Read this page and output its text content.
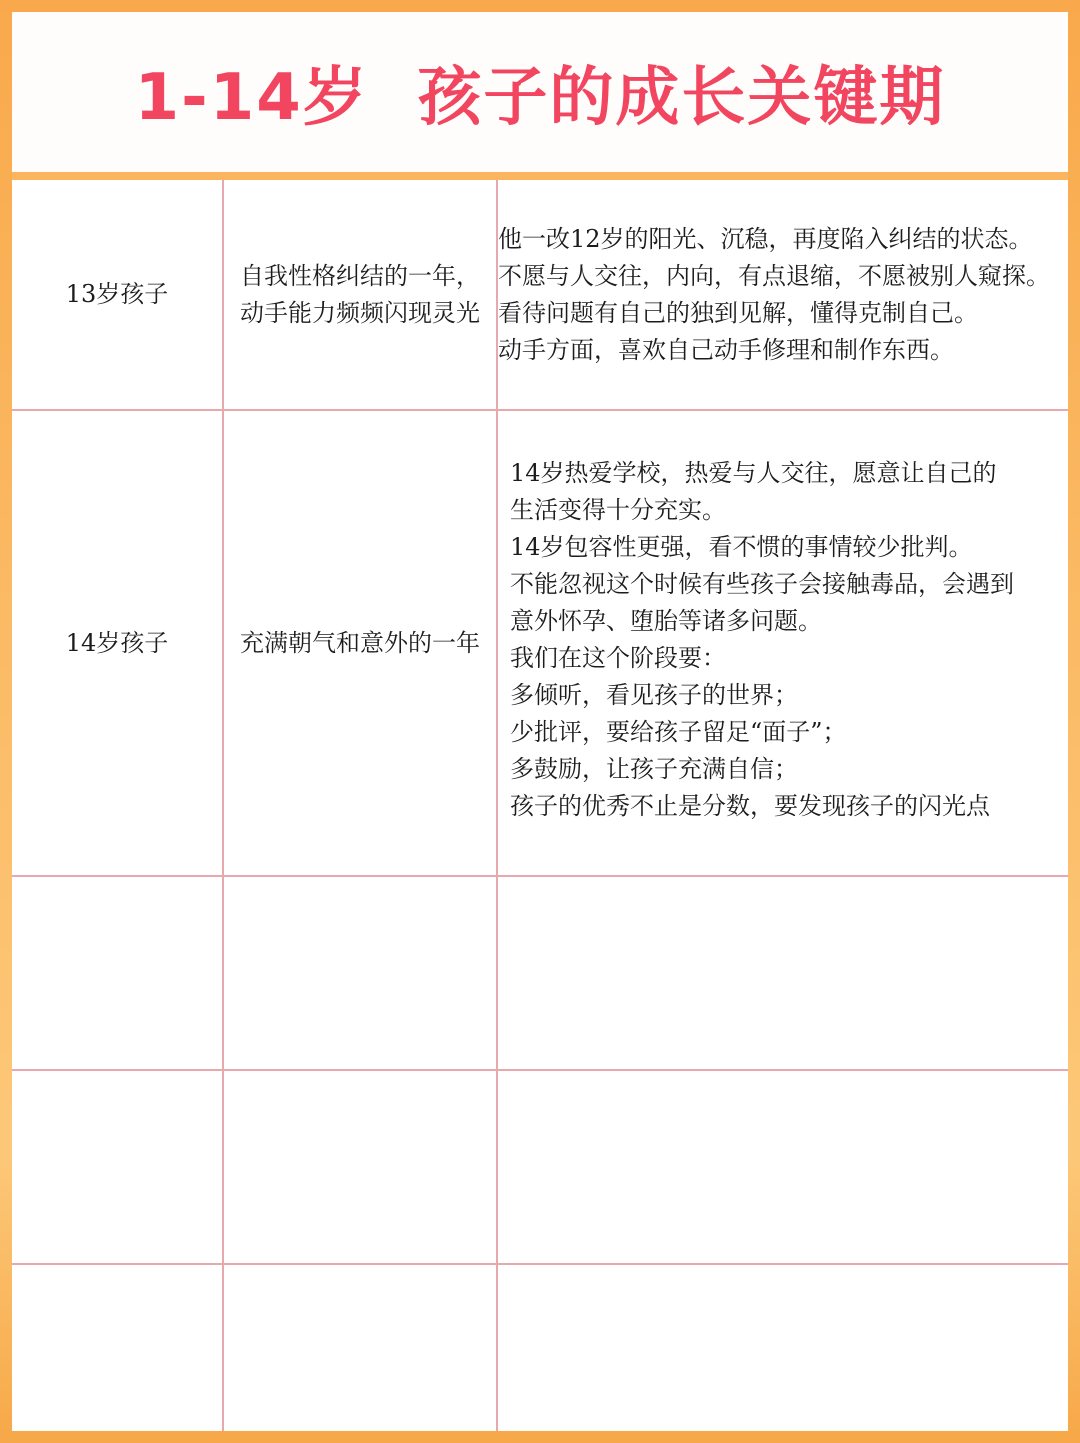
1-14岁  孩子的成长关键期
13岁孩子
自我性格纠结的一年，
动手能力频频闪现灵光
他一改12岁的阳光、沉稳，再度陷入纠结的状态。
不愿与人交往，内向，有点退缩，不愿被别人窥探。
看待问题有自己的独到见解，懂得克制自己。
动手方面，喜欢自己动手修理和制作东西。
14岁孩子	充满朝气和意外的一年
14岁热爱学校，热爱与人交往，愿意让自己的
生活变得十分充实。
14岁包容性更强，看不惯的事情较少批判。
不能忽视这个时候有些孩子会接触毒品，会遇到
意外怀孕、堕胎等诸多问题。
我们在这个阶段要：
多倾听，看见孩子的世界；
少批评，要给孩子留足“面子”；
多鼓励，让孩子充满自信；
孩子的优秀不止是分数，要发现孩子的闪光点
